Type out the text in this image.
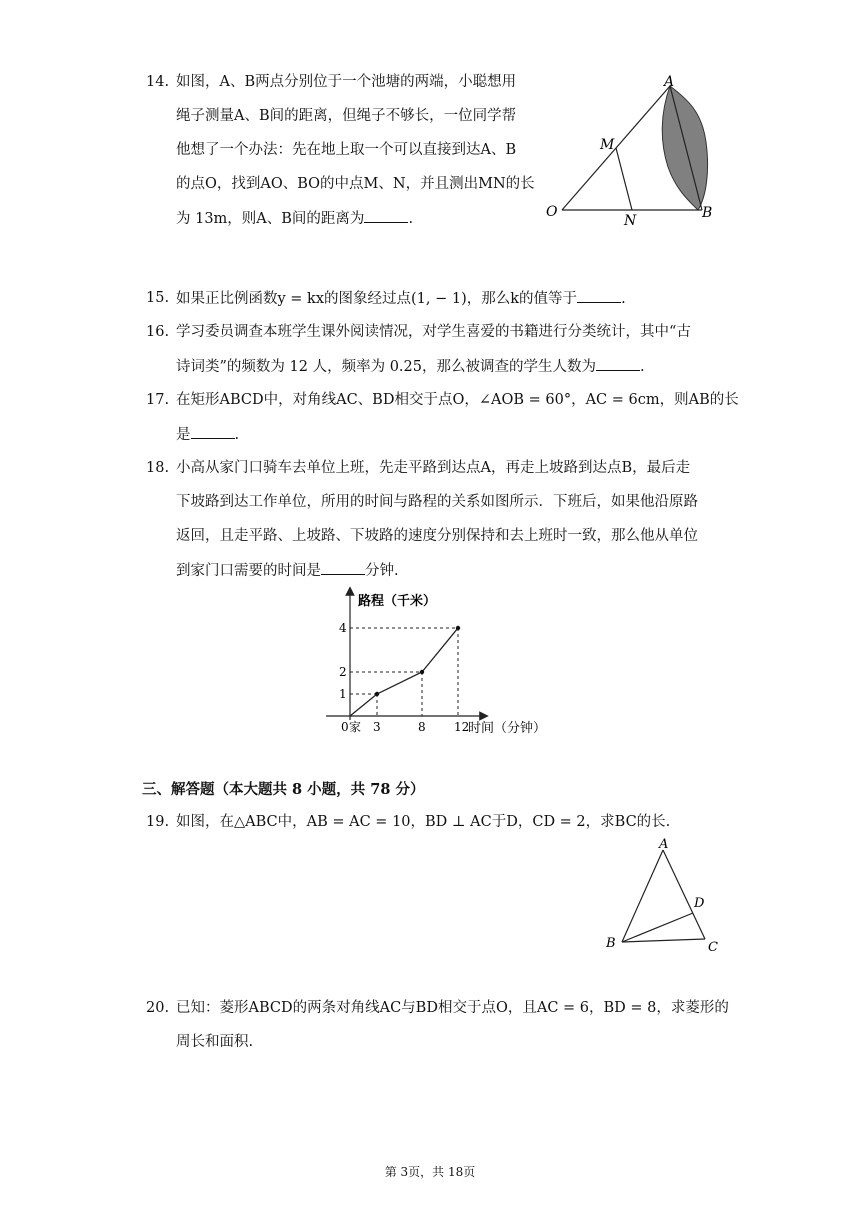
14. 如图，A、B两点分别位于一个池塘的两端，小聪想用
绳子测量A、B间的距离，但绳子不够长，一位同学帮
他想了一个办法：先在地上取一个可以直接到达A、B
的点O，找到AO、BO的中点M、N，并且测出MN的长
为 13m，则A、B间的距离为	.
A
M
O
N	B
15. 如果正比例函数y = kx的图象经过点(1, − 1)，那么k的值等于	.
16. 学习委员调查本班学生课外阅读情况，对学生喜爱的书籍进行分类统计，其中“古
诗词类”的频数为 12 人，频率为 0.25，那么被调查的学生人数为	.
17. 在矩形ABCD中，对角线AC、BD相交于点O，∠AOB = 60°，AC = 6cm，则AB的长
是	.
18. 小高从家门口骑车去单位上班，先走平路到达点A，再走上坡路到达点B，最后走
下坡路到达工作单位，所用的时间与路程的关系如图所示．下班后，如果他沿原路
返回，且走平路、上坡路、下坡路的速度分别保持和去上班时一致，那么他从单位
到家门口需要的时间是	分钟.
3	8 12
1
2
4
路程（千米）
时间（分钟）
0 家
三、解答题（本大题共 8 小题，共 78 分）
19. 如图，在△ABC中，AB = AC = 10，BD ⊥ AC于D，CD = 2，求BC的长.
A
D
B	C
20. 已知：菱形ABCD的两条对角线AC与BD相交于点O，且AC = 6，BD = 8，求菱形的
周长和面积.
第 3页，共 18页
